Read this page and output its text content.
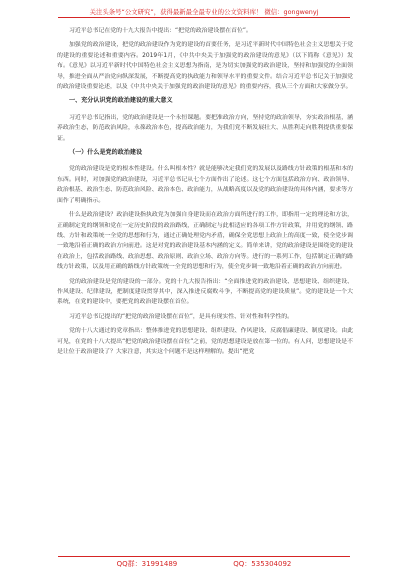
关注头条号“公文研究”，获得最新最全最专业的公文资料库！ 微信：gongwenyj

习近平总书记在党的十九大报告中提出：“把党的政治建设摆在首位”。

加强党的政治建设，把党的政治建设作为党的建设的首要任务，是习近平新时代中国特色社会主义思想关于党的建设的重要论述和重要内容。2019年1月，《中共中央关于加强党的政治建设的意见》（以下简称《意见》）发布。《意见》以习近平新时代中国特色社会主义思想为指南，是为切实加强党的政治建设，坚持和加强党的全面领导，推进全面从严治党向纵深发展，不断提高党的执政能力和领导水平的重要文件。结合习近平总书记关于加强党的政治建设重要论述，以及《中共中央关于加强党的政治建设的意见》的重要内容，我从三个方面和大家做分享。

一、充分认识党的政治建设的重大意义

习近平总书记指出，党的政治建设是一个永恒课题。要把准政治方向，坚持党的政治领导，夯实政治根基，涵养政治生态，防范政治风险，永葆政治本色，提高政治能力，为我们党不断发展壮大、从胜利走向胜利提供重要保证。

（一）什么是党的政治建设

党的政治建设是党的根本性建设。什么叫根本性？就是能够决定我们党的发展以及路线方针政策的根基和本的东西。同时，对加强党的政治建设，习近平总书记从七个方面作出了论述。这七个方面包括政治方向、政治领导、政治根基、政治生态、防范政治风险、政治本色、政治能力，从战略高度以及党的政治建设的具体内涵，要求等方面作了明确指示。

什么是政治建设？政治建设指执政党为加强自身建设而在政治方面所进行的工作，即指用一定的理论和方法，正确制定党的纲领和党在一定历史阶段的政治路线，正确制定与此相适应的各项工作方针政策，并用党的纲领、路线、方针和政策统一全党的思想和行为，通过正确处理党内矛盾，确保全党思想上政治上的高度一致，使全党步调一致地沿着正确的政治方向前进。这是对党的政治建设基本内涵的定义。简单来讲，党的政治建设是围绕党的建设在政治上，包括政治路线、政治思想、政治原则、政治立场、政治方向等。进行的一系列工作，包括制定正确的路线方针政策，以及用正确的路线方针政策统一全党的思想和行为，使全党步调一致地沿着正确的政治方向前进。

党的政治建设是党的建设的一部分。党的十九大报告指出：“全面推进党的政治建设、思想建设、组织建设、作风建设、纪律建设，把制度建设贯穿其中，深入推进反腐败斗争，不断提高党的建设质量”。党的建设是一个大系统，在党的建设中，要把党的政治建设摆在首位。

习近平总书记提出的“把党的政治建设摆在首位”，是具有现实性、针对性和科学性的。

党的十八大通过的党章指出：整体推进党的思想建设、组织建设、作风建设、反腐倡廉建设、制度建设。由此可见，在党的十八大提出“把党的政治建设摆在首位”之前，党的思想建设是放在第一位的。有人问，思想建设是不是让位于政治建设了？大家注意，其实这个问题不是这样理解的。提出“把党

QQ群：31991489	QQ：535304092
